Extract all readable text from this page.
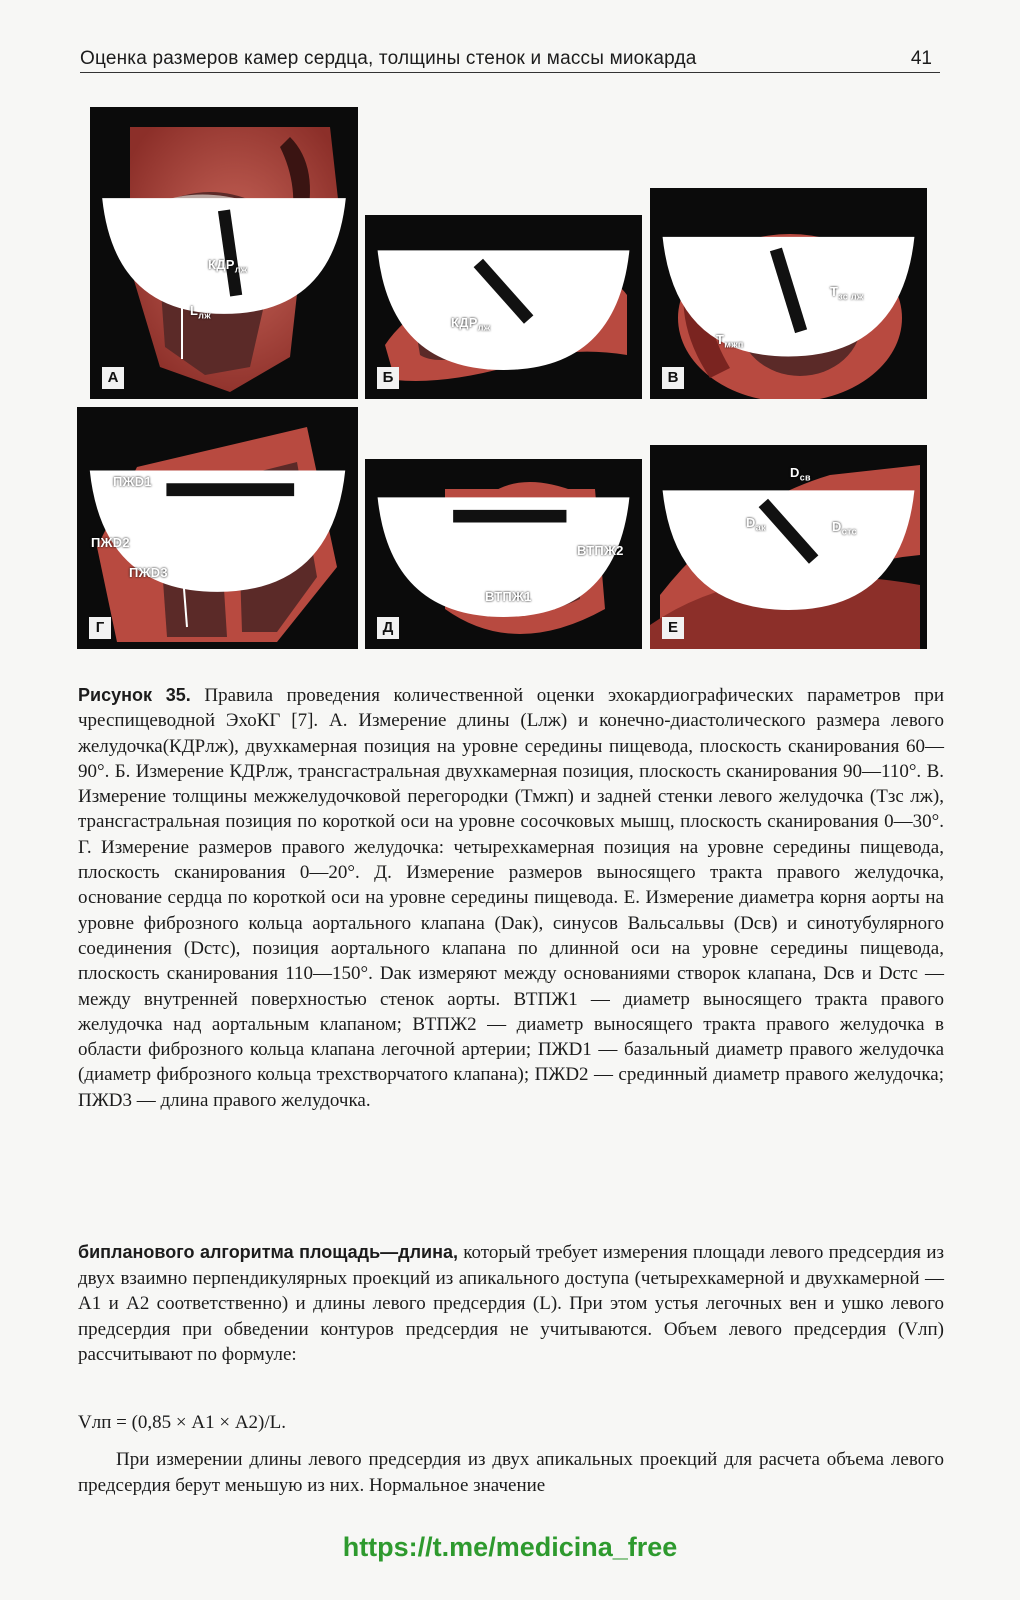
Оценка размеров камер сердца, толщины стенок и массы миокарда	41
$КДР_{лж}$
$L_{лж}$
А
$КДР_{лж}$
Б
$Т_{зс лж}$
$Т_{мжп}$
В
ПЖD1
ПЖD2
ПЖD3
Г
ВТПЖ2
ВТПЖ1
Д
$D_{св}$
$D_{ак}$	$D_{стс}$
Е
Рисунок 35. Правила проведения количественной оценки эхокардиографических параметров при чреспищеводной ЭхоКГ [7]. А. Измерение длины (Lлж) и конечно-диастолического размера левого желудочка(КДРлж), двухкамерная позиция на уровне середины пищевода, плоскость сканирования 60—90°. Б. Измерение КДРлж, трансгастральная двухкамерная позиция, плоскость сканирования 90—110°. В. Измерение толщины межжелудочковой перегородки (Тмжп) и задней стенки левого желудочка (Тзс лж), трансгастральная позиция по короткой оси на уровне сосочковых мышц, плоскость сканирования 0—30°. Г. Измерение размеров правого желудочка: четырехкамерная позиция на уровне середины пищевода, плоскость сканирования 0—20°. Д. Измерение размеров выносящего тракта правого желудочка, основание сердца по короткой оси на уровне середины пищевода. Е. Измерение диаметра корня аорты на уровне фиброзного кольца аортального клапана (Dак), синусов Вальсальвы (Dсв) и синотубулярного соединения (Dстс), позиция аортального клапана по длинной оси на уровне середины пищевода, плоскость сканирования 110—150°. Dак измеряют между основаниями створок клапана, Dсв и Dстс — между внутренней поверхностью стенок аорты. ВТПЖ1 — диаметр выносящего тракта правого желудочка над аортальным клапаном; ВТПЖ2 — диаметр выносящего тракта правого желудочка в области фиброзного кольца клапана легочной артерии; ПЖD1 — базальный диаметр правого желудочка (диаметр фиброзного кольца трехстворчатого клапана); ПЖD2 — срединный диаметр правого желудочка; ПЖD3 — длина правого желудочка.
бипланового алгоритма площадь—длина, который требует измерения площади левого предсердия из двух взаимно перпендикулярных проекций из апикального доступа (четырехкамерной и двухкамерной — А1 и А2 соответственно) и длины левого предсердия (L). При этом устья легочных вен и ушко левого предсердия при обведении контуров предсердия не учитываются. Объем левого предсердия (Vлп) рассчитывают по формуле:
Vлп = (0,85 × А1 × А2)/L.
При измерении длины левого предсердия из двух апикальных проекций для расчета объема левого предсердия берут меньшую из них. Нормальное значение
https://t.me/medicina_free
